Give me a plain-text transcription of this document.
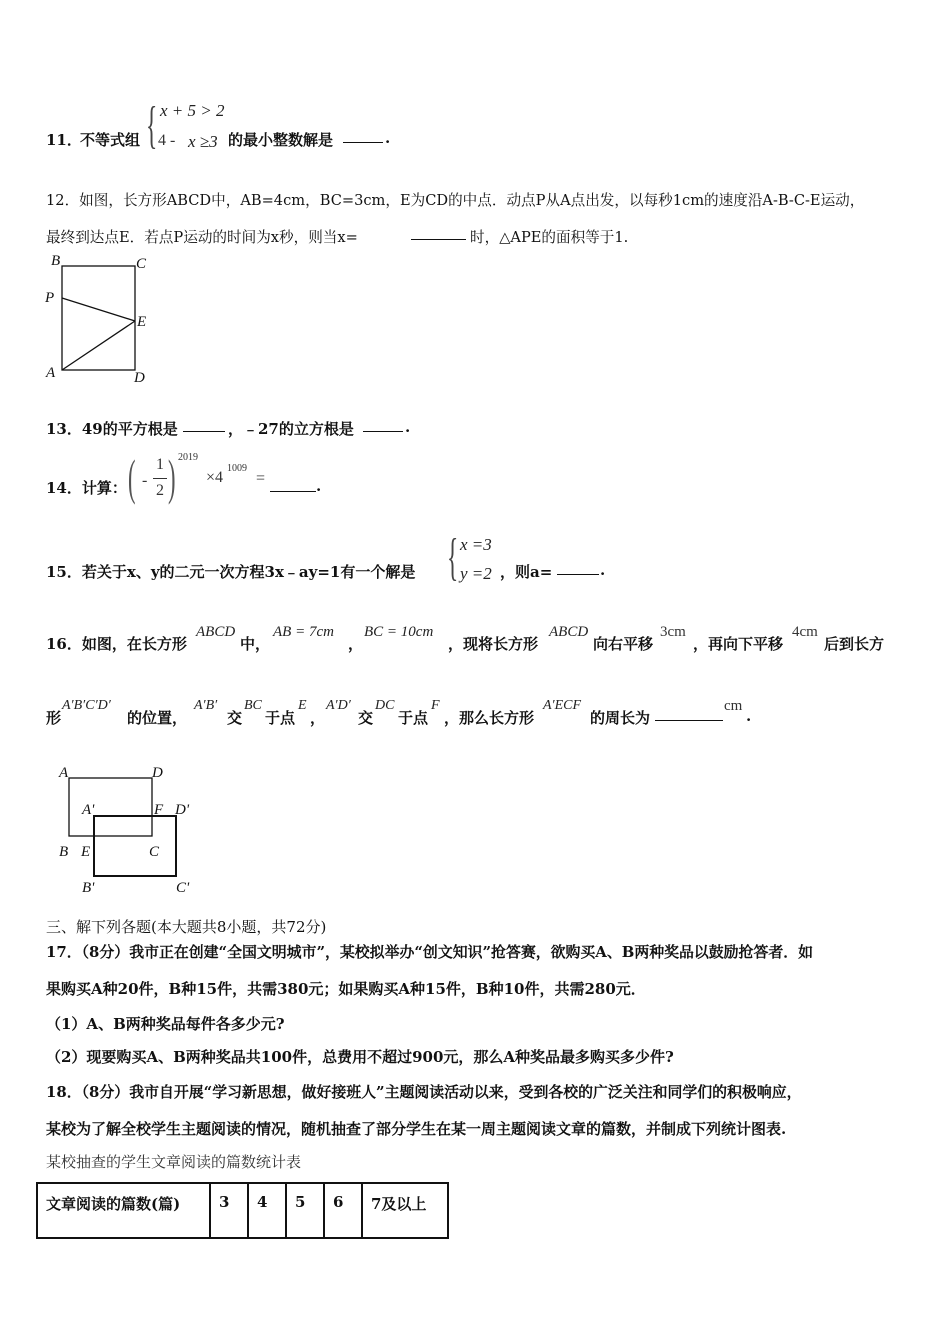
11．
不等式组 { x + 5 > 2
4 - x ≥3 的最小整数解是	.
12．如图，长方形ABCD中，AB=4cm，BC=3cm，E为CD的中点．动点P从A点出发，以每秒1cm的速度沿A-B-C-E运动，
最终到达点E．若点P运动的时间为x秒，则当x=	时，△APE的面积等于1.
B	C
P
E
A	D
13．49的平方根是	，﹣27的立方根是	.
14．计算： ( -
1
2 ) 2019
×4
1009
=	.
15．若关于x、y的二元一次方程3x﹣ay=1有一个解是 { x =3
y =2 ，则a=	.
16．如图，在长方形
ABCD
中，
AB = 7cm
，
BC = 10cm
，现将长方形
ABCD
向右平移
3cm
，再向下平移
4cm
后到长方
形
A′B′C′D′
的位置，
A′B′
交
BC
于点
E
，
A′D′
交
DC
于点
F
，那么长方形
A′ECF
的周长为
cm
.
A	D
A'	F D'
B E	C
B'	C'
三、解下列各题(本大题共8小题，共72分)
17．（8分）我市正在创建“全国文明城市”，某校拟举办“创文知识”抢答赛，欲购买A、B两种奖品以鼓励抢答者．如
果购买A种20件，B种15件，共需380元；如果购买A种15件，B种10件，共需280元．
（1）A、B两种奖品每件各多少元?
（2）现要购买A、B两种奖品共100件，总费用不超过900元，那么A种奖品最多购买多少件?
18．（8分）我市自开展“学习新思想，做好接班人”主题阅读活动以来，受到各校的广泛关注和同学们的积极响应，
某校为了解全校学生主题阅读的情况，随机抽查了部分学生在某一周主题阅读文章的篇数，并制成下列统计图表.
某校抽查的学生文章阅读的篇数统计表
文章阅读的篇数(篇)	3	4	5	6	7及以上
